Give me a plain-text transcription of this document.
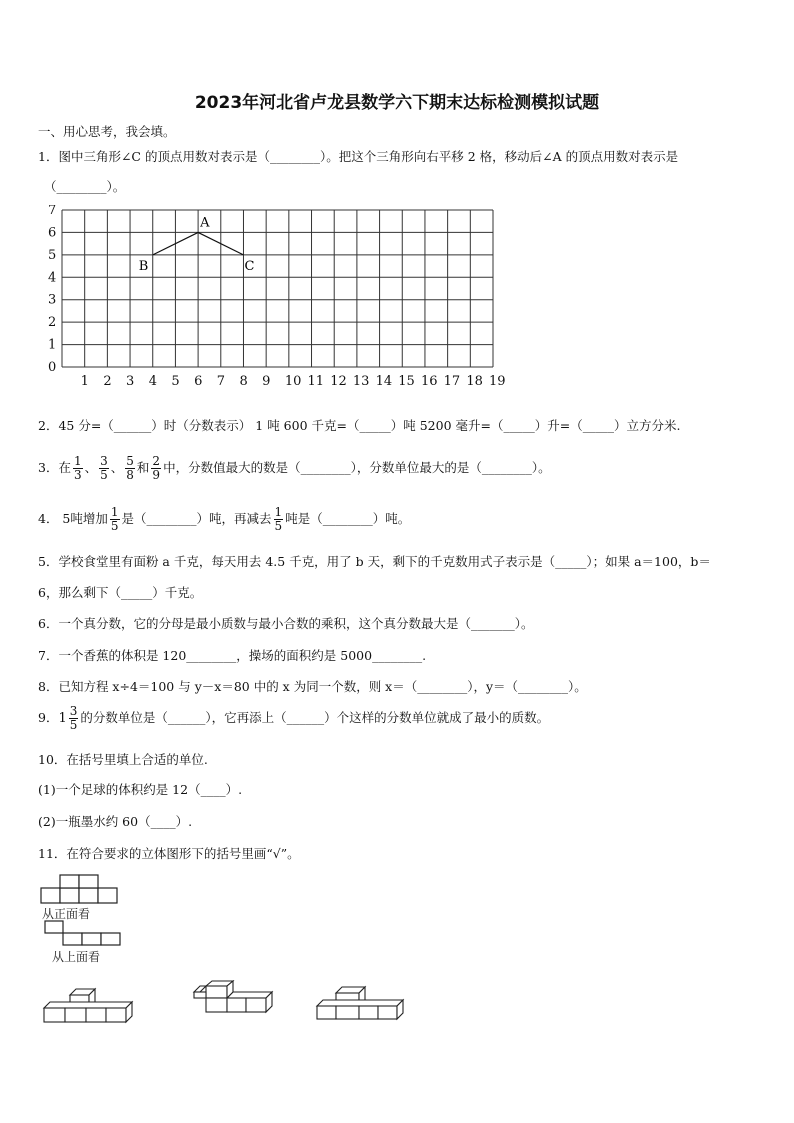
2023年河北省卢龙县数学六下期末达标检测模拟试题
一、用心思考，我会填。
1．图中三角形∠C 的顶点用数对表示是（________）。把这个三角形向右平移 2 格，移动后∠A 的顶点用数对表示是
（________）。
0
1
2
3
4
5
6
7
1 2 3 4 5 6 7 8 9 10 11 12 13 14 15 16 17 18 19
A
B	C
2．45 分=（______）时（分数表示） 1 吨 600 千克=（_____）吨 5200 毫升=（_____）升=（_____）立方分米.
3．在 $\frac{1}{3}$ 、 $\frac{3}{5}$ 、 $\frac{5}{8}$ 和 $\frac{2}{9}$ 中，分数值最大的数是（________），分数单位最大的是（________）。
4． 5吨增加 $\frac{1}{5}$ 是（________）吨，再减去 $\frac{1}{5}$ 吨是（________）吨。
5．学校食堂里有面粉 a 千克，每天用去 4.5 千克，用了 b 天，剩下的千克数用式子表示是（_____）；如果 a＝100，b＝
6，那么剩下（_____）千克。
6．一个真分数，它的分母是最小质数与最小合数的乘积，这个真分数最大是（_______）。
7．一个香蕉的体积是 120________，操场的面积约是 5000________.
8．已知方程 x÷4＝100 与 y－x＝80 中的 x 为同一个数，则 x＝（________），y＝（________）。
9．$1 \frac{3}{5}$ 的分数单位是（______），它再添上（______）个这样的分数单位就成了最小的质数。
10．在括号里填上合适的单位.
(1)一个足球的体积约是 12（____）.
(2)一瓶墨水约 60（____）.
11．在符合要求的立体图形下的括号里画“√”。
从正面看
从上面看
